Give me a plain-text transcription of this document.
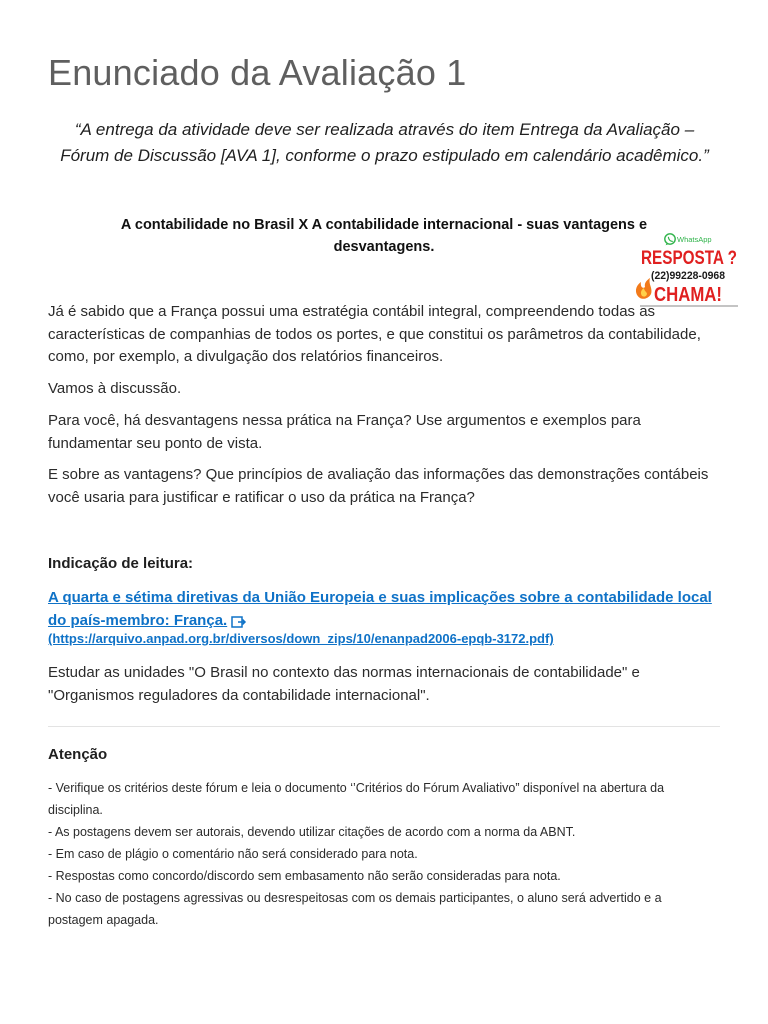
Enunciado da Avaliação 1

“A entrega da atividade deve ser realizada através do item Entrega da Avaliação – Fórum de Discussão [AVA 1], conforme o prazo estipulado em calendário acadêmico.”

A contabilidade no Brasil X A contabilidade internacional - suas vantagens e desvantagens.	WhatsApp
RESPOSTA ?
(22)99228-0968
CHAMA!

Já é sabido que a França possui uma estratégia contábil integral, compreendendo todas as características de companhias de todos os portes, e que constitui os parâmetros da contabilidade, como, por exemplo, a divulgação dos relatórios financeiros.

Vamos à discussão.

Para você, há desvantagens nessa prática na França? Use argumentos e exemplos para fundamentar seu ponto de vista.

E sobre as vantagens? Que princípios de avaliação das informações das demonstrações contábeis você usaria para justificar e ratificar o uso da prática na França?

Indicação de leitura:
A quarta e sétima diretivas da União Europeia e suas implicações sobre a contabilidade local do país-membro: França.
(https://arquivo.anpad.org.br/diversos/down_zips/10/enanpad2006-epqb-3172.pdf)

Estudar as unidades "O Brasil no contexto das normas internacionais de contabilidade" e "Organismos reguladores da contabilidade internacional".

Atenção
- Verifique os critérios deste fórum e leia o documento ‘’Critérios do Fórum Avaliativo” disponível na abertura da disciplina.
- As postagens devem ser autorais, devendo utilizar citações de acordo com a norma da ABNT.
- Em caso de plágio o comentário não será considerado para nota.
- Respostas como concordo/discordo sem embasamento não serão consideradas para nota.
- No caso de postagens agressivas ou desrespeitosas com os demais participantes, o aluno será advertido e a postagem apagada.
